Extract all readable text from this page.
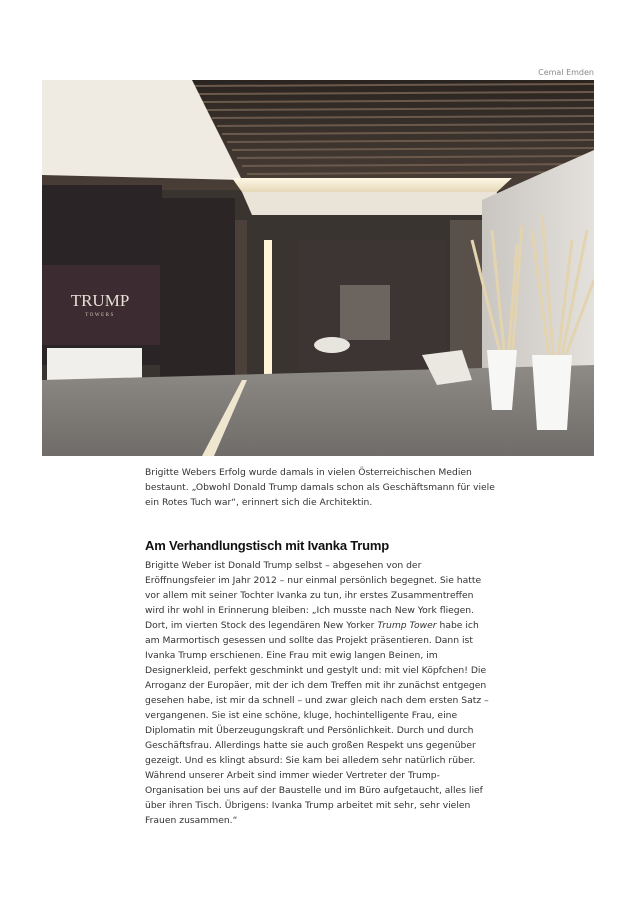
Cemal Emden
TRUMP
TOWERS
Brigitte Webers Erfolg wurde damals in vielen Österreichischen Medien bestaunt. „Obwohl Donald Trump damals schon als Geschäftsmann für viele ein Rotes Tuch war“, erinnert sich die Architektin.
Am Verhandlungstisch mit Ivanka Trump
Brigitte Weber ist Donald Trump selbst – abgesehen von der Eröffnungsfeier im Jahr 2012 – nur einmal persönlich begegnet. Sie hatte vor allem mit seiner Tochter Ivanka zu tun, ihr erstes Zusammentreffen wird ihr wohl in Erinnerung bleiben: „Ich musste nach New York fliegen. Dort, im vierten Stock des legendären New Yorker Trump Tower habe ich am Marmortisch gesessen und sollte das Projekt präsentieren. Dann ist Ivanka Trump erschienen. Eine Frau mit ewig langen Beinen, im Designerkleid, perfekt geschminkt und gestylt und: mit viel Köpfchen! Die Arroganz der Europäer, mit der ich dem Treffen mit ihr zunächst entgegen gesehen habe, ist mir da schnell – und zwar gleich nach dem ersten Satz – vergangenen. Sie ist eine schöne, kluge, hochintelligente Frau, eine Diplomatin mit Überzeugungskraft und Persönlichkeit. Durch und durch Geschäftsfrau. Allerdings hatte sie auch großen Respekt uns gegenüber gezeigt. Und es klingt absurd: Sie kam bei alledem sehr natürlich rüber. Während unserer Arbeit sind immer wieder Vertreter der Trump-Organisation bei uns auf der Baustelle und im Büro aufgetaucht, alles lief über ihren Tisch. Übrigens: Ivanka Trump arbeitet mit sehr, sehr vielen Frauen zusammen.“
